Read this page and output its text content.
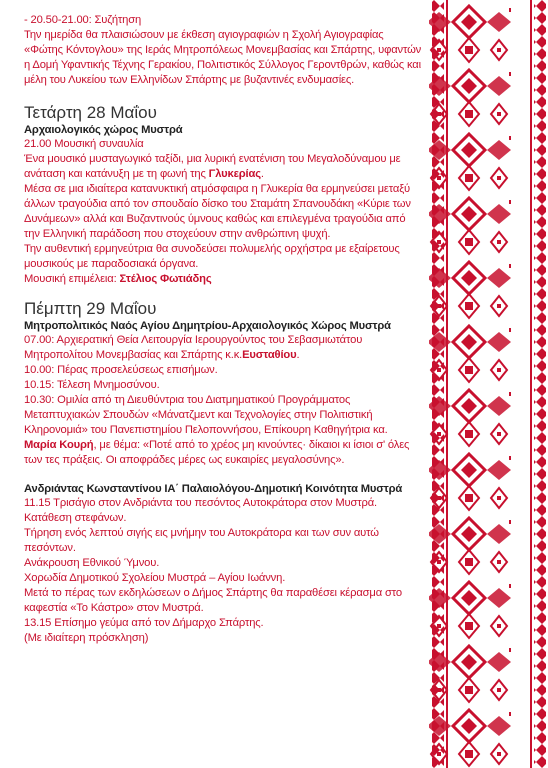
- 20.50-21.00: Συζήτηση

Την ημερίδα θα πλαισιώσουν με έκθεση αγιογραφιών η Σχολή Αγιογραφίας «Φώτης Κόντογλου» της Ιεράς Μητροπόλεως Μονεμβασίας και Σπάρτης, υφαντών η Δομή Υφαντικής Τέχνης Γερακίου, Πολιτιστικός Σύλλογος Γεροντθρών, καθώς και μέλη του Λυκείου των Ελληνίδων Σπάρτης με βυζαντινές ενδυμασίες.

Τετάρτη 28 Μαΐου

Αρχαιολογικός χώρος Μυστρά

21.00 Μουσική συναυλία

Ένα μουσικό μυσταγωγικό ταξίδι, μια λυρική ενατένιση του Μεγαλοδύναμου με ανάταση και κατάνυξη με τη φωνή της Γλυκερίας.

Μέσα σε μια ιδιαίτερα κατανυκτική ατμόσφαιρα η Γλυκερία θα ερμηνεύσει μεταξύ άλλων τραγούδια από τον σπουδαίο δίσκο του Σταμάτη Σπανουδάκη «Κύριε των Δυνάμεων» αλλά και Βυζαντινούς ύμνους καθώς και επιλεγμένα τραγούδια από την Ελληνική παράδοση που στοχεύουν στην ανθρώπινη ψυχή.

Την αυθεντική ερμηνεύτρια θα συνοδεύσει πολυμελής ορχήστρα με εξαίρετους μουσικούς με παραδοσιακά όργανα.

Μουσική επιμέλεια: Στέλιος Φωτιάδης

Πέμπτη 29 Μαΐου

Μητροπολιτικός Ναός Αγίου Δημητρίου-Αρχαιολογικός Χώρος Μυστρά

07.00: Αρχιερατική Θεία Λειτουργία Ιερουργούντος του Σεβασμιωτάτου Μητροπολίτου Μονεμβασίας και Σπάρτης κ.κ.Ευσταθίου.

10.00: Πέρας προσελεύσεως επισήμων.

10.15: Τέλεση Μνημοσύνου.

10.30: Ομιλία από τη Διευθύντρια του Διατμηματικού Προγράμματος Μεταπτυχιακών Σπουδών «Μάνατζμεντ και Τεχνολογίες στην Πολιτιστική Κληρονομιά» του Πανεπιστημίου Πελοποννήσου, Επίκουρη Καθηγήτρια κα.

Μαρία Κουρή, με θέμα: «Ποτέ από το χρέος μη κινούντες· δίκαιοι κι ίσιοι σ' όλες των τες πράξεις. Οι αποφράδες μέρες ως ευκαιρίες μεγαλοσύνης».

Ανδριάντας Κωνσταντίνου ΙΑ΄ Παλαιολόγου-Δημοτική Κοινότητα Μυστρά

11.15 Τρισάγιο στον Ανδριάντα του πεσόντος Αυτοκράτορα στον Μυστρά.

Κατάθεση στεφάνων.

Τήρηση ενός λεπτού σιγής εις μνήμην του Αυτοκράτορα και των συν αυτώ πεσόντων.

Ανάκρουση Εθνικού Ύμνου.

Χορωδία Δημοτικού Σχολείου Μυστρά – Αγίου Ιωάννη.

Μετά το πέρας των εκδηλώσεων ο Δήμος Σπάρτης θα παραθέσει κέρασμα στο καφεστία «Το Κάστρο» στον Μυστρά.

13.15 Επίσημο γεύμα από τον Δήμαρχο Σπάρτης.

(Με ιδιαίτερη πρόσκληση)
